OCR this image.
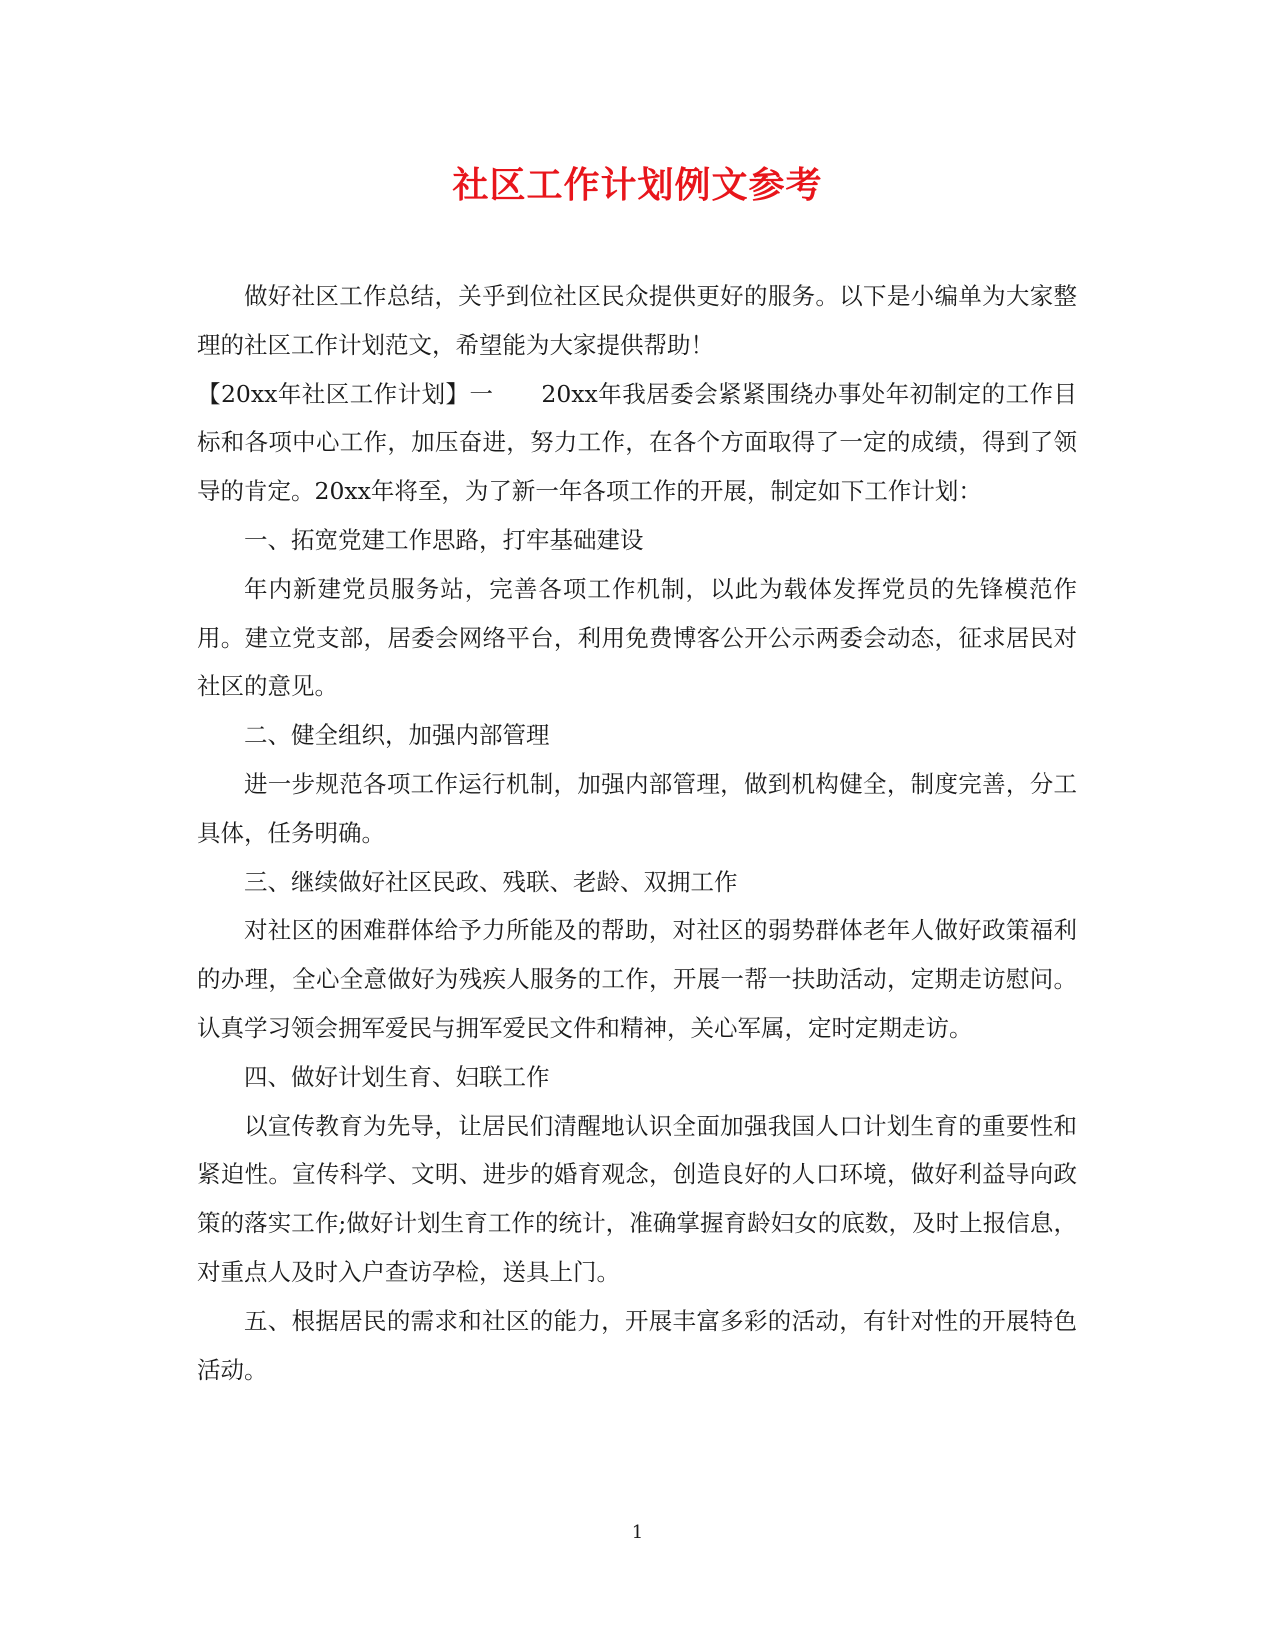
社区工作计划例文参考

做好社区工作总结，关乎到位社区民众提供更好的服务。以下是小编单为大家整理的社区工作计划范文，希望能为大家提供帮助！

【20xx年社区工作计划】一　　20xx年我居委会紧紧围绕办事处年初制定的工作目标和各项中心工作，加压奋进，努力工作，在各个方面取得了一定的成绩，得到了领导的肯定。20xx年将至，为了新一年各项工作的开展，制定如下工作计划：

一、拓宽党建工作思路，打牢基础建设

年内新建党员服务站，完善各项工作机制，以此为载体发挥党员的先锋模范作用。建立党支部，居委会网络平台，利用免费博客公开公示两委会动态，征求居民对社区的意见。

二、健全组织，加强内部管理

进一步规范各项工作运行机制，加强内部管理，做到机构健全，制度完善，分工具体，任务明确。

三、继续做好社区民政、残联、老龄、双拥工作

对社区的困难群体给予力所能及的帮助，对社区的弱势群体老年人做好政策福利的办理，全心全意做好为残疾人服务的工作，开展一帮一扶助活动，定期走访慰问。认真学习领会拥军爱民与拥军爱民文件和精神，关心军属，定时定期走访。

四、做好计划生育、妇联工作

以宣传教育为先导，让居民们清醒地认识全面加强我国人口计划生育的重要性和紧迫性。宣传科学、文明、进步的婚育观念，创造良好的人口环境，做好利益导向政策的落实工作;做好计划生育工作的统计，准确掌握育龄妇女的底数，及时上报信息，对重点人及时入户查访孕检，送具上门。

五、根据居民的需求和社区的能力，开展丰富多彩的活动，有针对性的开展特色活动。

1
